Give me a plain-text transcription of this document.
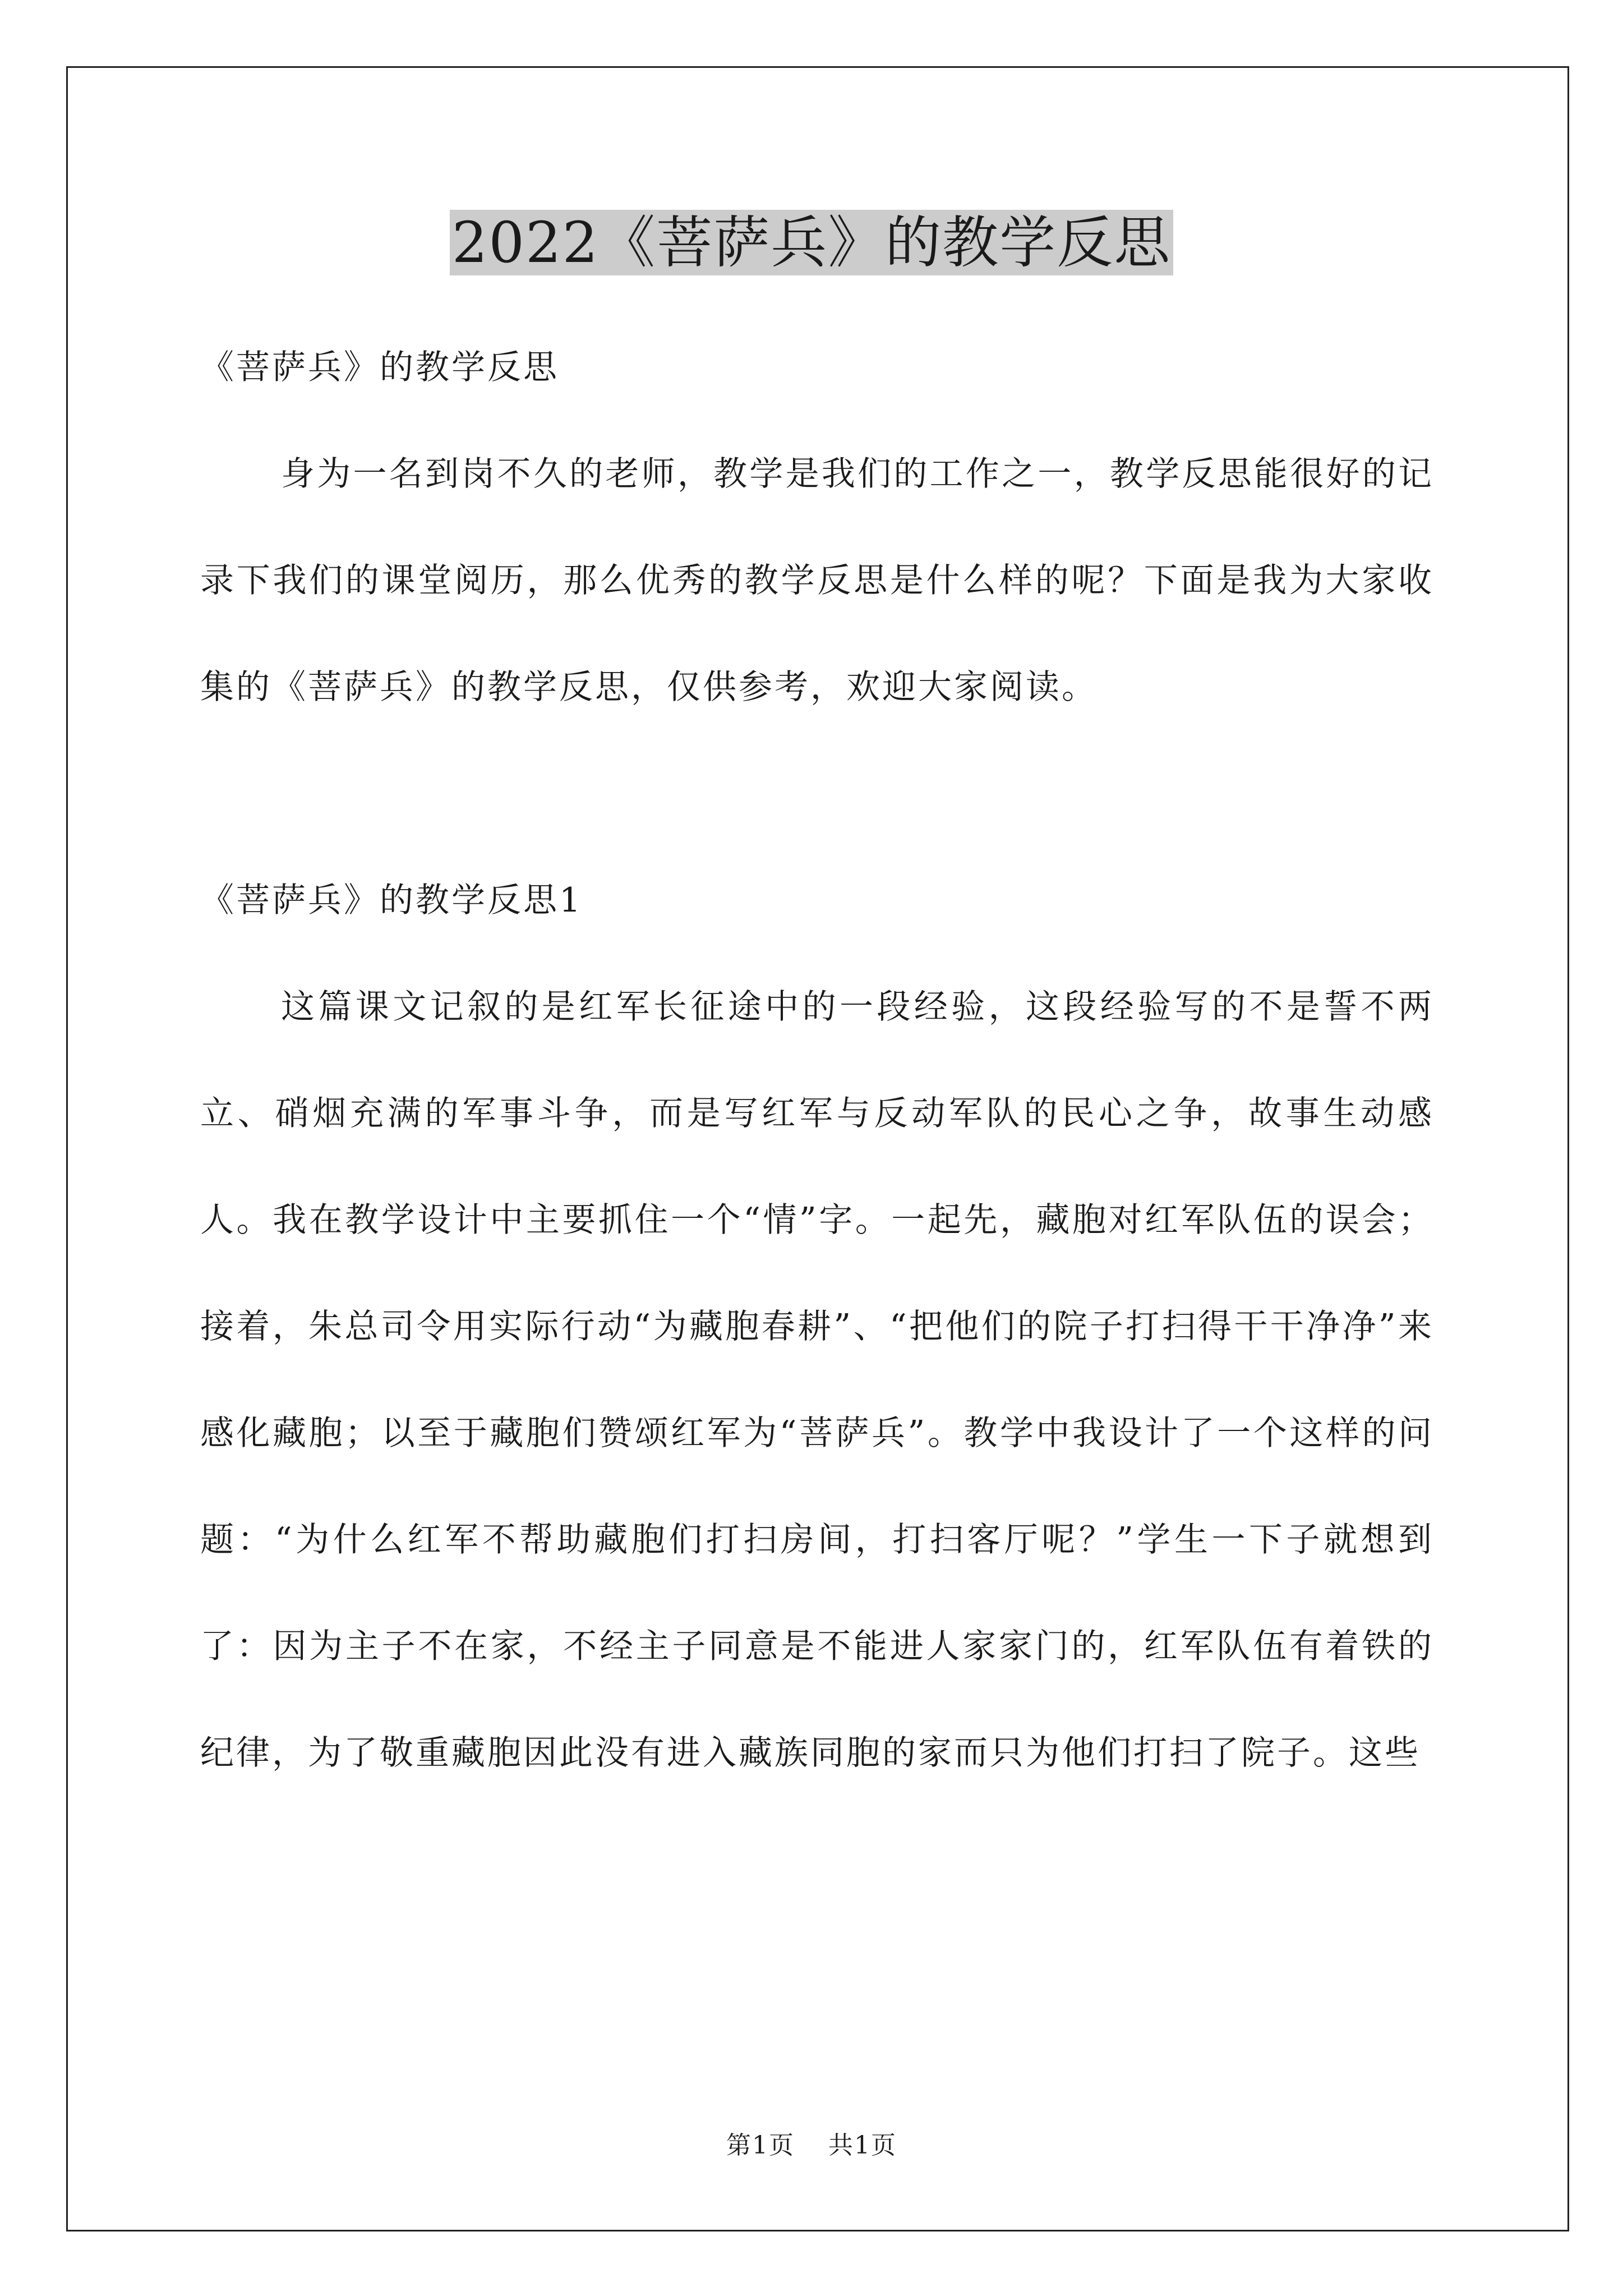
2022《菩萨兵》的教学反思

《菩萨兵》的教学反思

身为一名到岗不久的老师，教学是我们的工作之一，教学反思能很好的记录下我们的课堂阅历，那么优秀的教学反思是什么样的呢？下面是我为大家收集的《菩萨兵》的教学反思，仅供参考，欢迎大家阅读。

《菩萨兵》的教学反思1

这篇课文记叙的是红军长征途中的一段经验，这段经验写的不是誓不两立、硝烟充满的军事斗争，而是写红军与反动军队的民心之争，故事生动感人。我在教学设计中主要抓住一个“情”字。一起先，藏胞对红军队伍的误会；接着，朱总司令用实际行动“为藏胞春耕”、“把他们的院子打扫得干干净净”来感化藏胞；以至于藏胞们赞颂红军为“菩萨兵”。教学中我设计了一个这样的问题：“为什么红军不帮助藏胞们打扫房间，打扫客厅呢？”学生一下子就想到了：因为主子不在家，不经主子同意是不能进人家家门的，红军队伍有着铁的纪律，为了敬重藏胞因此没有进入藏族同胞的家而只为他们打扫了院子。这些

第1页 共1页
